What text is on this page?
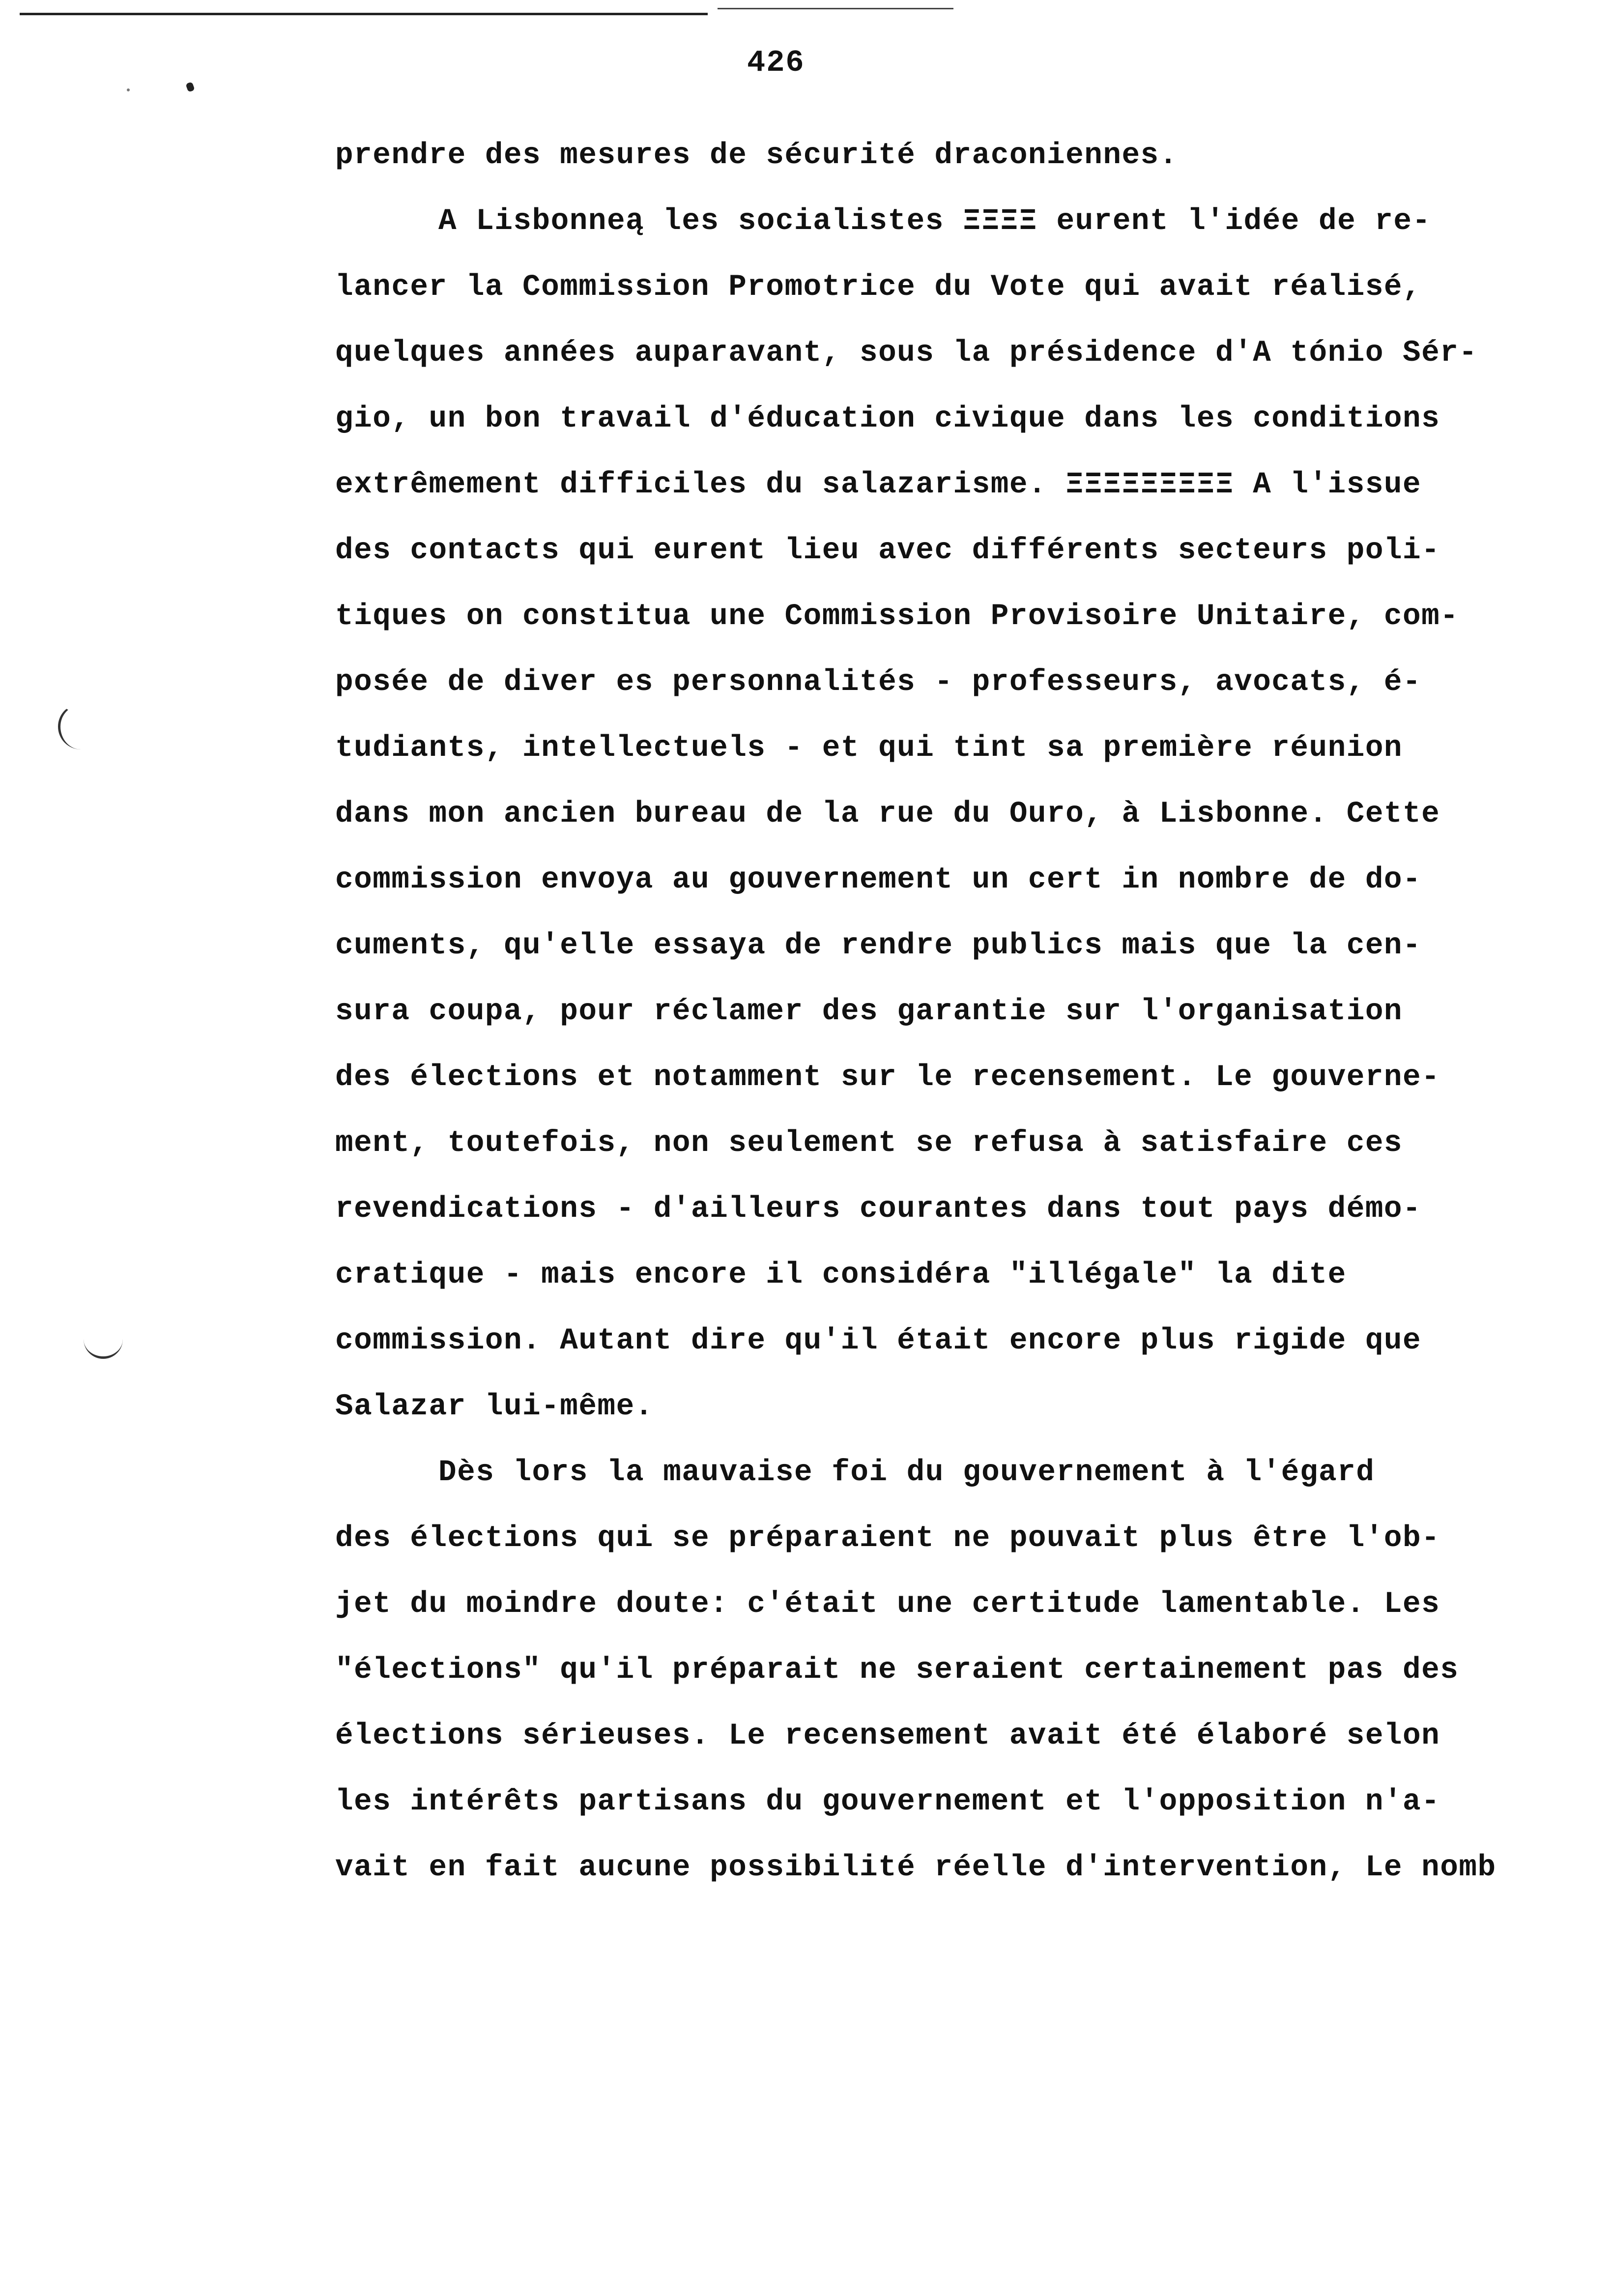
426
prendre des mesures de sécurité draconiennes.
A Lisbonneą les socialistes ΞΞΞΞ eurent l'idée de re-
lancer la Commission Promotrice du Vote qui avait réalisé,
quelques années auparavant, sous la présidence d'A tónio Sér-
gio, un bon travail d'éducation civique dans les conditions
extrêmement difficiles du salazarisme. ΞΞΞΞΞΞΞΞΞ A l'issue
des contacts qui eurent lieu avec différents secteurs poli-
tiques on constitua une Commission Provisoire Unitaire, com-
posée de diver es personnalités - professeurs, avocats, é-
tudiants, intellectuels - et qui tint sa première réunion
dans mon ancien bureau de la rue du Ouro, à Lisbonne. Cette
commission envoya au gouvernement un cert in nombre de do-
cuments, qu'elle essaya de rendre publics mais que la cen-
sura coupa, pour réclamer des garantie sur l'organisation
des élections et notamment sur le recensement. Le gouverne-
ment, toutefois, non seulement se refusa à satisfaire ces
revendications - d'ailleurs courantes dans tout pays démo-
cratique - mais encore il considéra "illégale" la dite
commission. Autant dire qu'il était encore plus rigide que
Salazar lui-même.
Dès lors la mauvaise foi du gouvernement à l'égard
des élections qui se préparaient ne pouvait plus être l'ob-
jet du moindre doute: c'était une certitude lamentable. Les
"élections" qu'il préparait ne seraient certainement pas des
élections sérieuses. Le recensement avait été élaboré selon
les intérêts partisans du gouvernement et l'opposition n'a-
vait en fait aucune possibilité réelle d'intervention, Le nomb
